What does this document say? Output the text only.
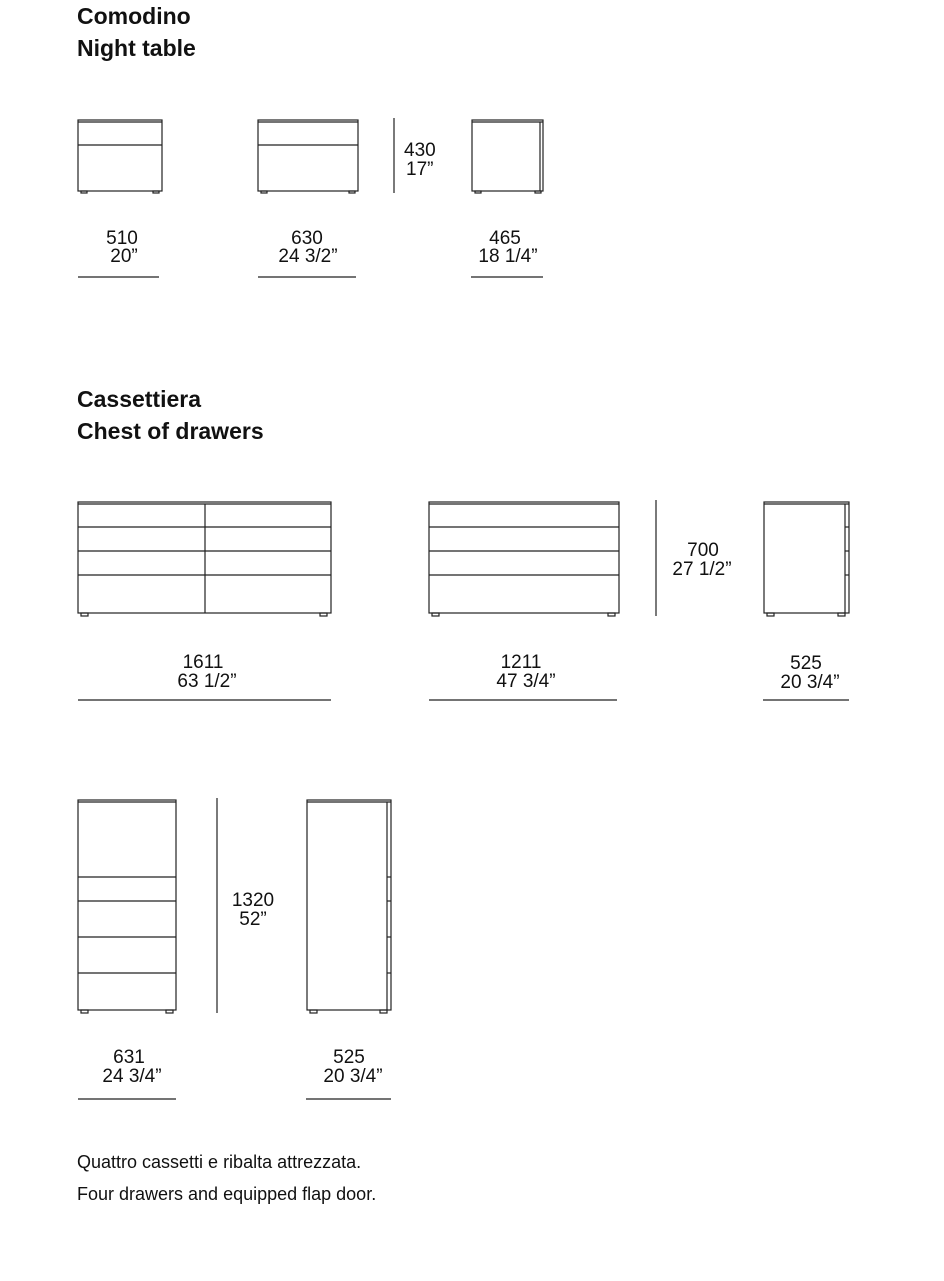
Comodino
Night table
Cassettiera
Chest of drawers
430
17”
510
20”
630
24 3/2”
465
18 1/4”
700
27 1/2”
1611
63 1/2”
1211
47 3/4”
525
20 3/4”
1320
52”
631
24 3/4”
525
20 3/4”

Quattro cassetti e ribalta attrezzata.

Four drawers and equipped flap door.
